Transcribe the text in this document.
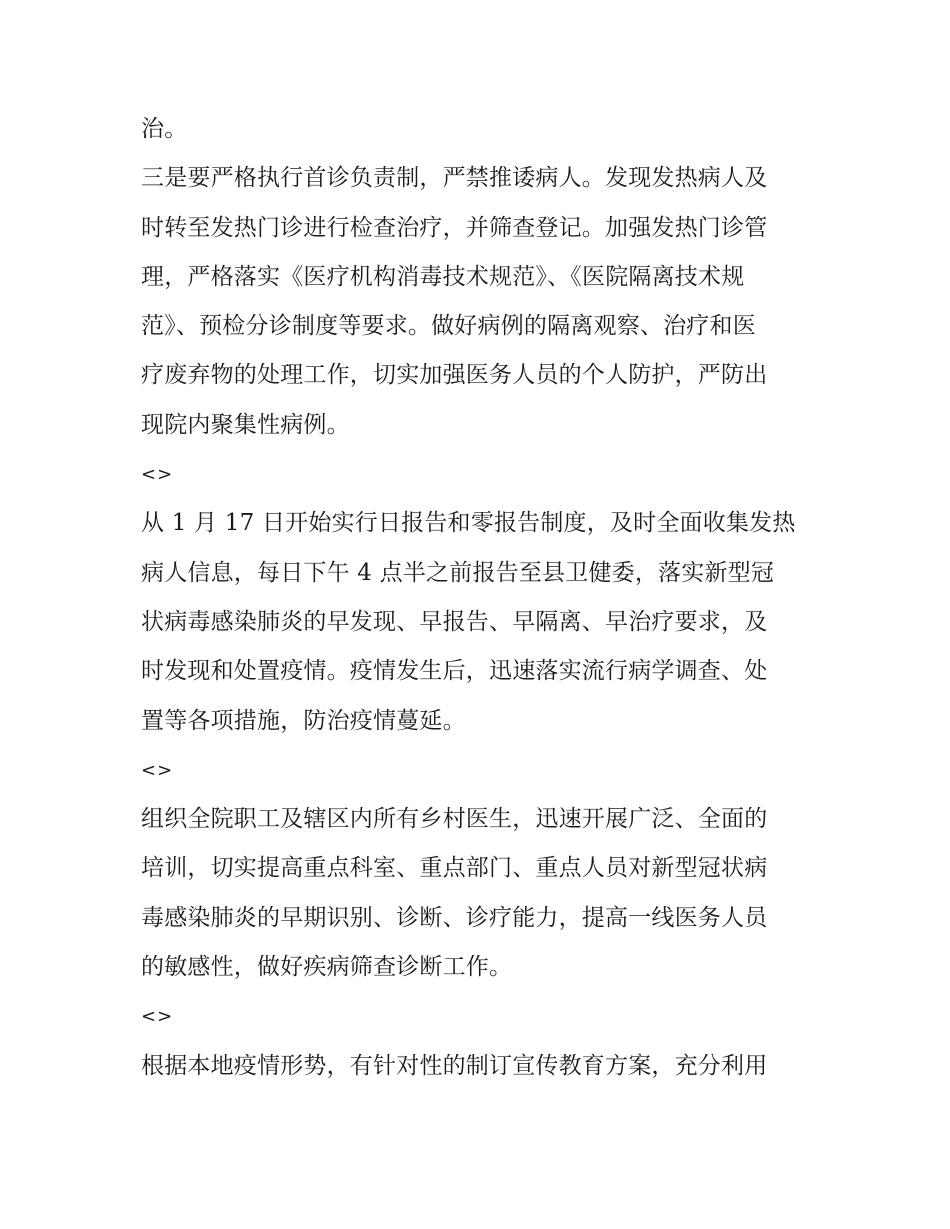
治。
三是要严格执行首诊负责制，严禁推诿病人。发现发热病人及
时转至发热门诊进行检查治疗，并筛查登记。加强发热门诊管
理，严格落实《医疗机构消毒技术规范》、《医院隔离技术规
范》、预检分诊制度等要求。做好病例的隔离观察、治疗和医
疗废弃物的处理工作，切实加强医务人员的个人防护，严防出
现院内聚集性病例。
<>
从 1 月 17 日开始实行日报告和零报告制度，及时全面收集发热
病人信息，每日下午 4 点半之前报告至县卫健委，落实新型冠
状病毒感染肺炎的早发现、早报告、早隔离、早治疗要求，及
时发现和处置疫情。疫情发生后，迅速落实流行病学调查、处
置等各项措施，防治疫情蔓延。
<>
组织全院职工及辖区内所有乡村医生，迅速开展广泛、全面的
培训，切实提高重点科室、重点部门、重点人员对新型冠状病
毒感染肺炎的早期识别、诊断、诊疗能力，提高一线医务人员
的敏感性，做好疾病筛查诊断工作。
<>
根据本地疫情形势，有针对性的制订宣传教育方案，充分利用
